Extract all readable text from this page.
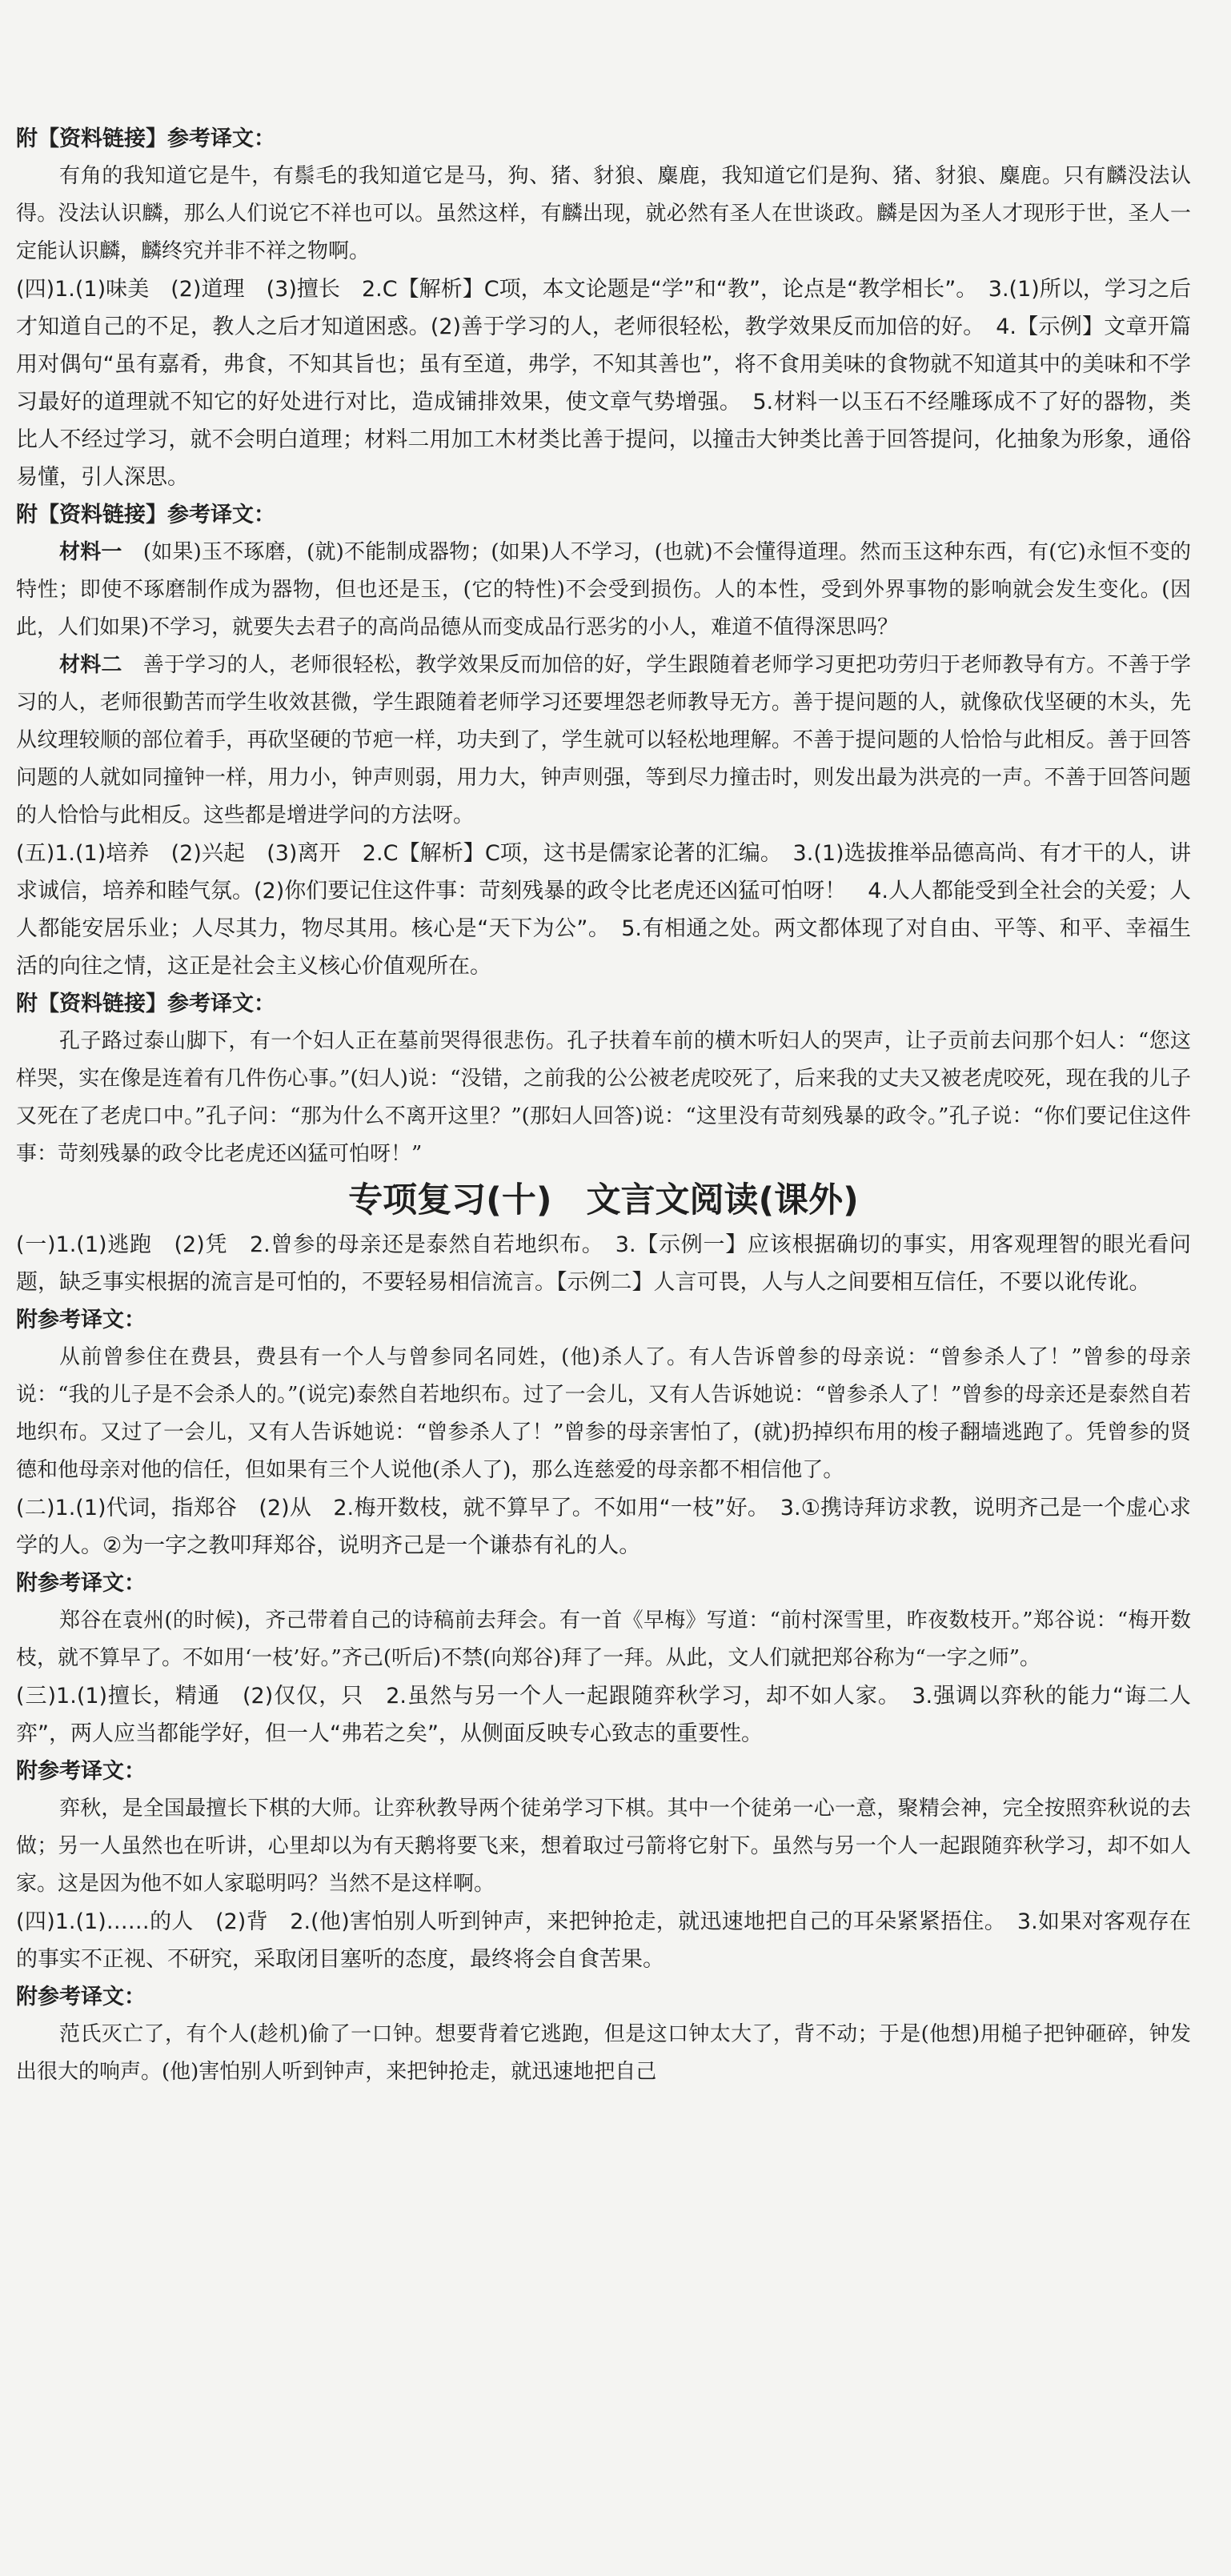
附【资料链接】参考译文：

有角的我知道它是牛，有鬃毛的我知道它是马，狗、猪、豺狼、麋鹿，我知道它们是狗、猪、豺狼、麋鹿。只有麟没法认得。没法认识麟，那么人们说它不祥也可以。虽然这样，有麟出现，就必然有圣人在世谈政。麟是因为圣人才现形于世，圣人一定能认识麟，麟终究并非不祥之物啊。

(四)1.(1)味美　(2)道理　(3)擅长　2.C【解析】C项，本文论题是“学”和“教”，论点是“教学相长”。　3.(1)所以，学习之后才知道自己的不足，教人之后才知道困惑。(2)善于学习的人，老师很轻松，教学效果反而加倍的好。　4.【示例】文章开篇用对偶句“虽有嘉肴，弗食，不知其旨也；虽有至道，弗学，不知其善也”，将不食用美味的食物就不知道其中的美味和不学习最好的道理就不知它的好处进行对比，造成铺排效果，使文章气势增强。　5.材料一以玉石不经雕琢成不了好的器物，类比人不经过学习，就不会明白道理；材料二用加工木材类比善于提问，以撞击大钟类比善于回答提问，化抽象为形象，通俗易懂，引人深思。

附【资料链接】参考译文：

材料一　(如果)玉不琢磨，(就)不能制成器物；(如果)人不学习，(也就)不会懂得道理。然而玉这种东西，有(它)永恒不变的特性；即使不琢磨制作成为器物，但也还是玉，(它的特性)不会受到损伤。人的本性，受到外界事物的影响就会发生变化。(因此，人们如果)不学习，就要失去君子的高尚品德从而变成品行恶劣的小人，难道不值得深思吗？

材料二　善于学习的人，老师很轻松，教学效果反而加倍的好，学生跟随着老师学习更把功劳归于老师教导有方。不善于学习的人，老师很勤苦而学生收效甚微，学生跟随着老师学习还要埋怨老师教导无方。善于提问题的人，就像砍伐坚硬的木头，先从纹理较顺的部位着手，再砍坚硬的节疤一样，功夫到了，学生就可以轻松地理解。不善于提问题的人恰恰与此相反。善于回答问题的人就如同撞钟一样，用力小，钟声则弱，用力大，钟声则强，等到尽力撞击时，则发出最为洪亮的一声。不善于回答问题的人恰恰与此相反。这些都是增进学问的方法呀。

(五)1.(1)培养　(2)兴起　(3)离开　2.C【解析】C项，这书是儒家论著的汇编。　3.(1)选拔推举品德高尚、有才干的人，讲求诚信，培养和睦气氛。(2)你们要记住这件事：苛刻残暴的政令比老虎还凶猛可怕呀！　4.人人都能受到全社会的关爱；人人都能安居乐业；人尽其力，物尽其用。核心是“天下为公”。　5.有相通之处。两文都体现了对自由、平等、和平、幸福生活的向往之情，这正是社会主义核心价值观所在。

附【资料链接】参考译文：

孔子路过泰山脚下，有一个妇人正在墓前哭得很悲伤。孔子扶着车前的横木听妇人的哭声，让子贡前去问那个妇人：“您这样哭，实在像是连着有几件伤心事。”(妇人)说：“没错，之前我的公公被老虎咬死了，后来我的丈夫又被老虎咬死，现在我的儿子又死在了老虎口中。”孔子问：“那为什么不离开这里？”(那妇人回答)说：“这里没有苛刻残暴的政令。”孔子说：“你们要记住这件事：苛刻残暴的政令比老虎还凶猛可怕呀！”

专项复习(十)　文言文阅读(课外)

(一)1.(1)逃跑　(2)凭　2.曾参的母亲还是泰然自若地织布。　3.【示例一】应该根据确切的事实，用客观理智的眼光看问题，缺乏事实根据的流言是可怕的，不要轻易相信流言。【示例二】人言可畏，人与人之间要相互信任，不要以讹传讹。

附参考译文：

从前曾参住在费县，费县有一个人与曾参同名同姓，(他)杀人了。有人告诉曾参的母亲说：“曾参杀人了！”曾参的母亲说：“我的儿子是不会杀人的。”(说完)泰然自若地织布。过了一会儿，又有人告诉她说：“曾参杀人了！”曾参的母亲还是泰然自若地织布。又过了一会儿，又有人告诉她说：“曾参杀人了！”曾参的母亲害怕了，(就)扔掉织布用的梭子翻墙逃跑了。凭曾参的贤德和他母亲对他的信任，但如果有三个人说他(杀人了)，那么连慈爱的母亲都不相信他了。

(二)1.(1)代词，指郑谷　(2)从　2.梅开数枝，就不算早了。不如用“一枝”好。　3.①携诗拜访求教，说明齐己是一个虚心求学的人。②为一字之教叩拜郑谷，说明齐己是一个谦恭有礼的人。

附参考译文：

郑谷在袁州(的时候)，齐己带着自己的诗稿前去拜会。有一首《早梅》写道：“前村深雪里，昨夜数枝开。”郑谷说：“梅开数枝，就不算早了。不如用‘一枝’好。”齐己(听后)不禁(向郑谷)拜了一拜。从此，文人们就把郑谷称为“一字之师”。

(三)1.(1)擅长，精通　(2)仅仅，只　2.虽然与另一个人一起跟随弈秋学习，却不如人家。　3.强调以弈秋的能力“诲二人弈”，两人应当都能学好，但一人“弗若之矣”，从侧面反映专心致志的重要性。

附参考译文：

弈秋，是全国最擅长下棋的大师。让弈秋教导两个徒弟学习下棋。其中一个徒弟一心一意，聚精会神，完全按照弈秋说的去做；另一人虽然也在听讲，心里却以为有天鹅将要飞来，想着取过弓箭将它射下。虽然与另一个人一起跟随弈秋学习，却不如人家。这是因为他不如人家聪明吗？当然不是这样啊。

(四)1.(1)……的人　(2)背　2.(他)害怕别人听到钟声，来把钟抢走，就迅速地把自己的耳朵紧紧捂住。　3.如果对客观存在的事实不正视、不研究，采取闭目塞听的态度，最终将会自食苦果。

附参考译文：

范氏灭亡了，有个人(趁机)偷了一口钟。想要背着它逃跑，但是这口钟太大了，背不动；于是(他想)用槌子把钟砸碎，钟发出很大的响声。(他)害怕别人听到钟声，来把钟抢走，就迅速地把自己
